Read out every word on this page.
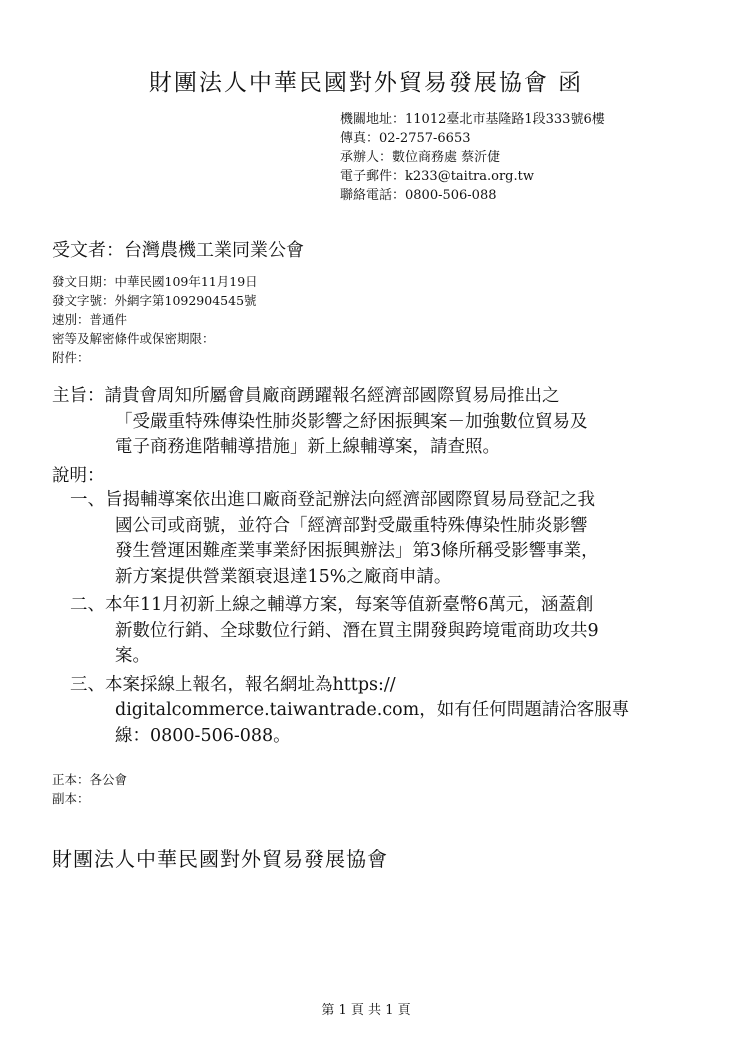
財團法人中華民國對外貿易發展協會 函
機關地址：11012臺北市基隆路1段333號6樓
傳真：02-2757-6653
承辦人：數位商務處 蔡沂倢
電子郵件：k233@taitra.org.tw
聯絡電話：0800-506-088
受文者：台灣農機工業同業公會
發文日期：中華民國109年11月19日
發文字號：外網字第1092904545號
速別：普通件
密等及解密條件或保密期限：
附件：
主旨：請貴會周知所屬會員廠商踴躍報名經濟部國際貿易局推出之
「受嚴重特殊傳染性肺炎影響之紓困振興案－加強數位貿易及
電子商務進階輔導措施」新上線輔導案，請查照。
說明：
一、旨揭輔導案依出進口廠商登記辦法向經濟部國際貿易局登記之我
國公司或商號，並符合「經濟部對受嚴重特殊傳染性肺炎影響
發生營運困難產業事業紓困振興辦法」第3條所稱受影響事業，
新方案提供營業額衰退達15%之廠商申請。
二、本年11月初新上線之輔導方案，每案等值新臺幣6萬元，涵蓋創
新數位行銷、全球數位行銷、潛在買主開發與跨境電商助攻共9
案。
三、本案採線上報名，報名網址為https://
digitalcommerce.taiwantrade.com，如有任何問題請洽客服專
線：0800-506-088。
正本：各公會
副本：
財團法人中華民國對外貿易發展協會
第 1 頁 共 1 頁
